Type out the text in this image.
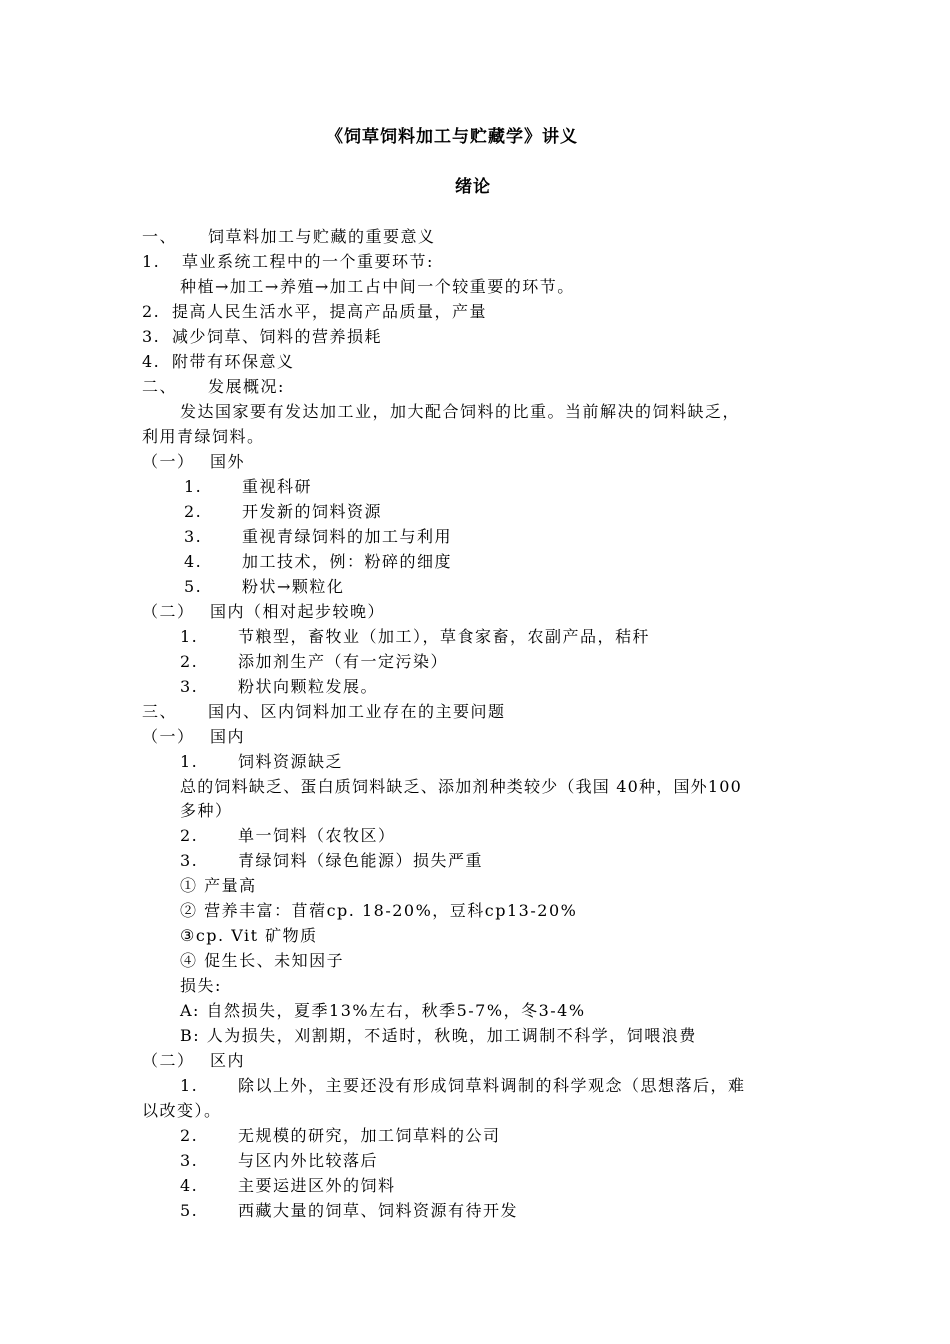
《饲草饲料加工与贮藏学》讲义
绪论
一、 饲草料加工与贮藏的重要意义
1. 草业系统工程中的一个重要环节:
种植→加工→养殖→加工占中间一个较重要的环节。
2. 提高人民生活水平，提高产品质量，产量
3. 减少饲草、饲料的营养损耗
4. 附带有环保意义
二、 发展概况:
发达国家要有发达加工业，加大配合饲料的比重。当前解决的饲料缺乏，
利用青绿饲料。
（一） 国外
1. 重视科研
2. 开发新的饲料资源
3. 重视青绿饲料的加工与利用
4. 加工技术，例：粉碎的细度
5. 粉状→颗粒化
（二） 国内（相对起步较晚）
1. 节粮型，畜牧业（加工），草食家畜，农副产品，秸秆
2. 添加剂生产（有一定污染）
3. 粉状向颗粒发展。
三、 国内、区内饲料加工业存在的主要问题
（一） 国内
1. 饲料资源缺乏
总的饲料缺乏、蛋白质饲料缺乏、添加剂种类较少（我国 40种，国外100
多种）
2. 单一饲料（农牧区）
3. 青绿饲料（绿色能源）损失严重
① 产量高
② 营养丰富：苜蓿cp. 18-20%，豆科cp13-20%
③cp. Vit 矿物质
④ 促生长、未知因子
损失:
A: 自然损失，夏季13%左右，秋季5-7%，冬3-4%
B: 人为损失，刈割期，不适时，秋晚，加工调制不科学，饲喂浪费
（二） 区内
1. 除以上外，主要还没有形成饲草料调制的科学观念（思想落后，难
以改变）。
2. 无规模的研究，加工饲草料的公司
3. 与区内外比较落后
4. 主要运进区外的饲料
5. 西藏大量的饲草、饲料资源有待开发
